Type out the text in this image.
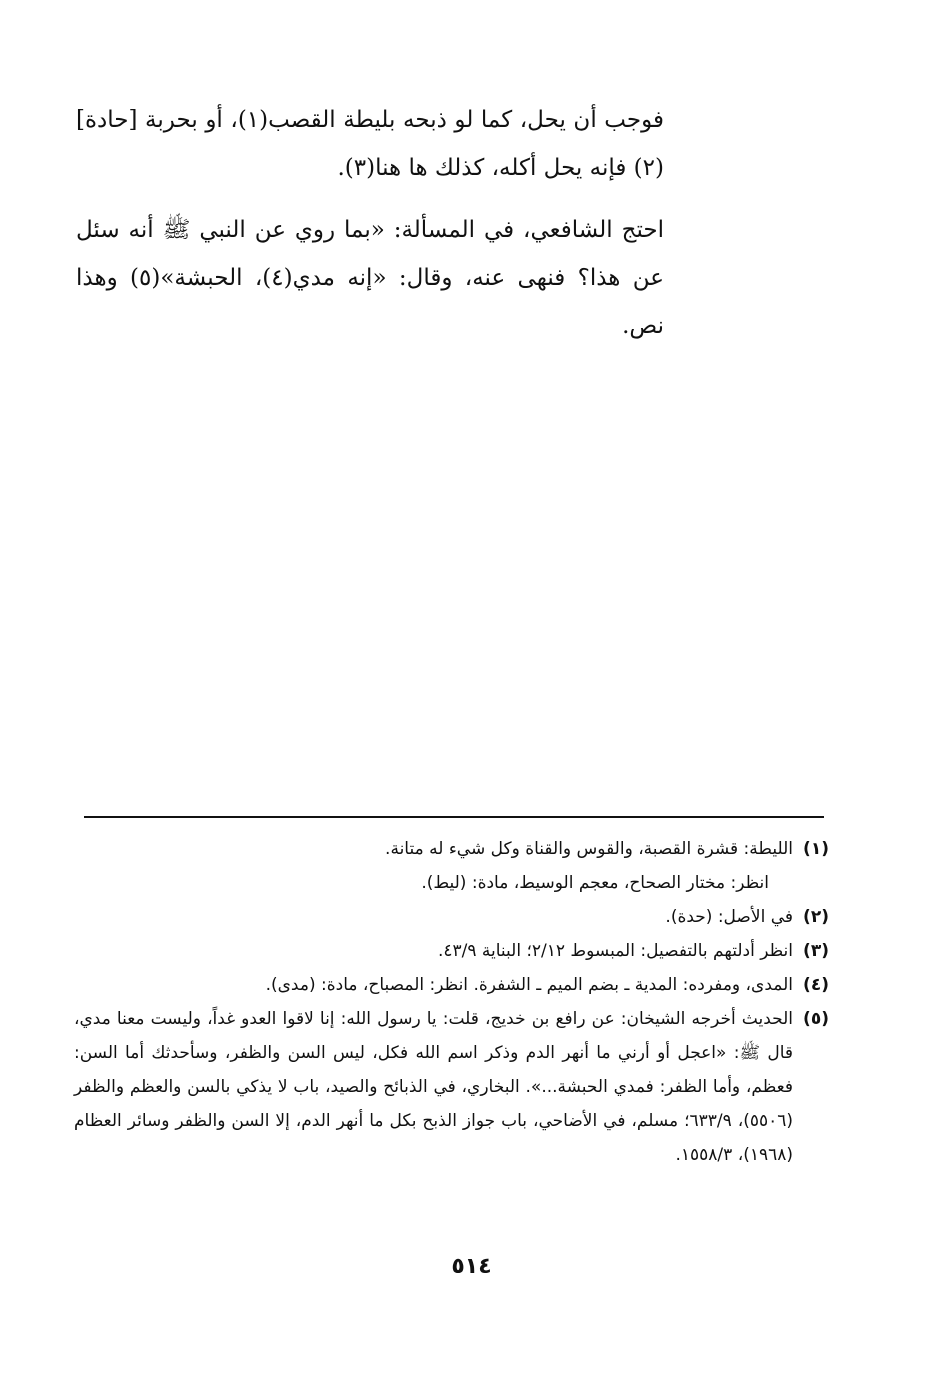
فوجب أن يحل، كما لو ذبحه بليطة القصب(١)، أو بحربة [حادة](٢) فإنه يحل أكله، كذلك ها هنا(٣).

احتج الشافعي، في المسألة: «بما روي عن النبي ﷺ أنه سئل عن هذا؟ فنهى عنه، وقال: «إنه مدي(٤)، الحبشة»(٥) وهذا نص.

(١)
الليطة: قشرة القصبة، والقوس والقناة وكل شيء له متانة.
انظر: مختار الصحاح، معجم الوسيط، مادة: (ليط).
(٢)
في الأصل: (حدة).
(٣)
انظر أدلتهم بالتفصيل: المبسوط ٢/١٢؛ البناية ٤٣/٩.
(٤)
المدى، ومفرده: المدية ـ بضم الميم ـ الشفرة. انظر: المصباح، مادة: (مدى).
(٥)
الحديث أخرجه الشيخان: عن رافع بن خديج، قلت: يا رسول الله: إنا لاقوا العدو غداً، وليست معنا مدي، قال ﷺ: «اعجل أو أرني ما أنهر الدم وذكر اسم الله فكل، ليس السن والظفر، وسأحدثك أما السن: فعظم، وأما الظفر: فمدي الحبشة...». البخاري، في الذبائح والصيد، باب لا يذكي بالسن والعظم والظفر (٥٥٠٦)، ٦٣٣/٩؛ مسلم، في الأضاحي، باب جواز الذبح بكل ما أنهر الدم، إلا السن والظفر وسائر العظام (١٩٦٨)، ١٥٥٨/٣.
٥١٤
